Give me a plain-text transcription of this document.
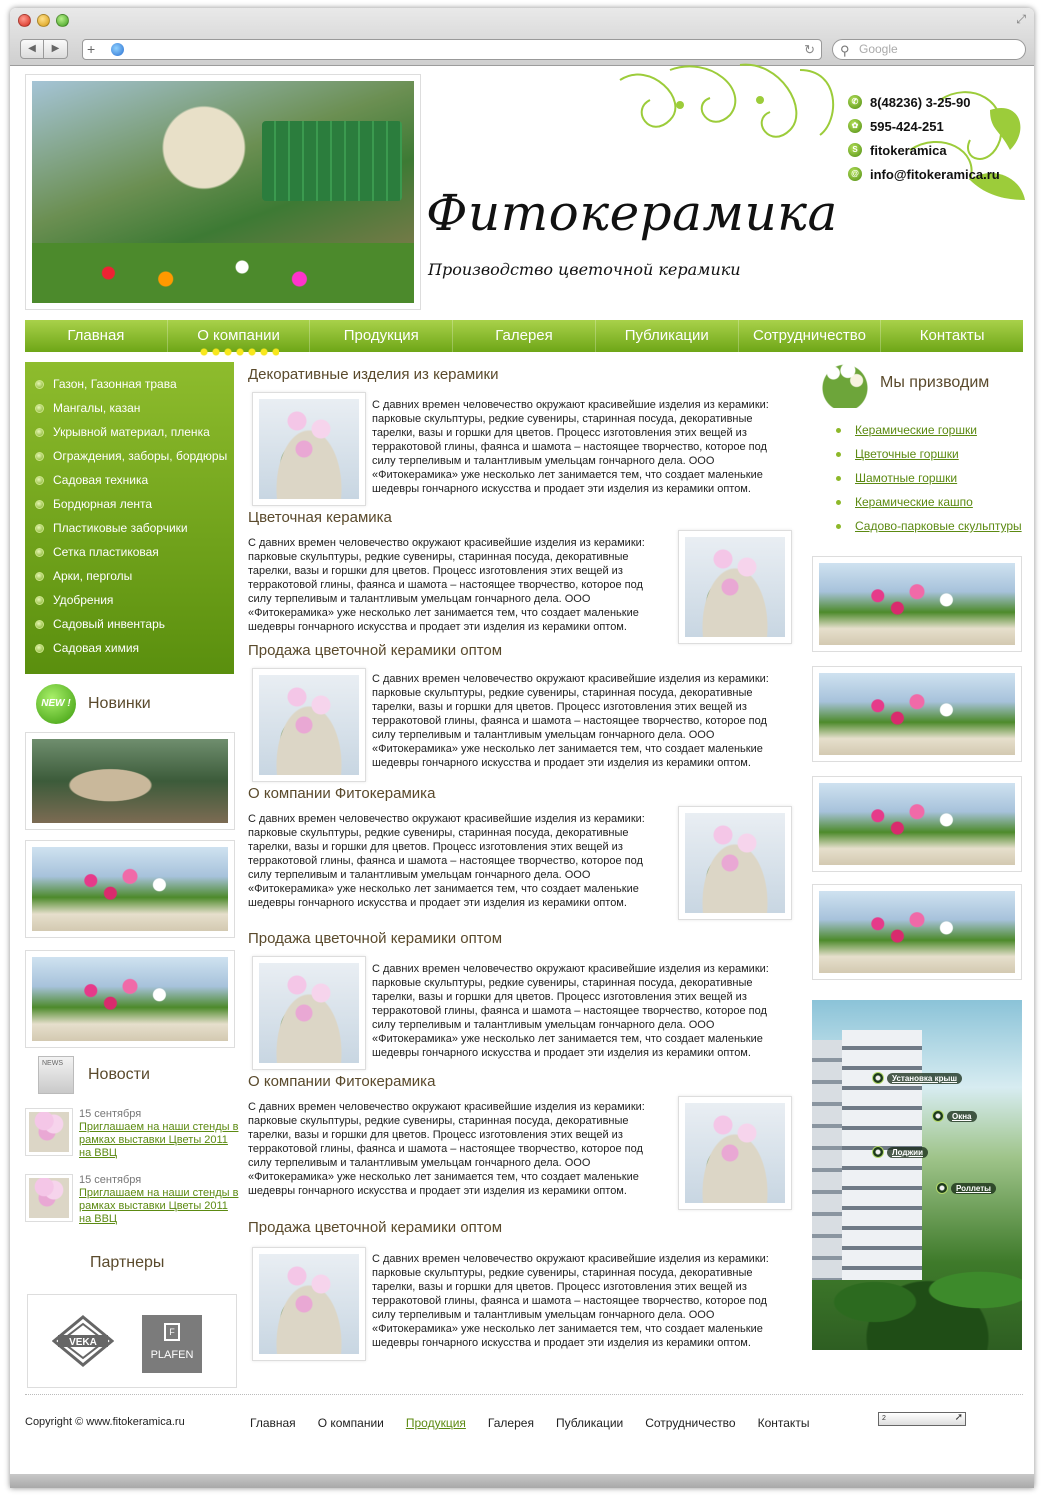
⤢
◀	▶	+	↻ ⚲ Google
Фитокерамика
Производство цветочной керамики
✆ 8(48236) 3-25-90
✿ 595-424-251
S fitokeramica
@ info@fitokeramica.ru
Главная	О компании	Продукция	Галерея	Публикации	Сотрудничество	Контакты
Газон, Газонная трава
Мангалы, казан
Укрывной материал, пленка
Ограждения, заборы, бордюры
Садовая техника
Бордюрная лента
Пластиковые заборчики
Сетка пластиковая
Арки, перголы
Удобрения
Садовый инвентарь
Садовая химия
NEW !	Новинки
NEWS
Новости
15 сентября
Приглашаем на наши стенды в рамках выставки Цветы 2011 на ВВЦ
15 сентября
Приглашаем на наши стенды в рамках выставки Цветы 2011 на ВВЦ
Партнеры
VEKA
F
PLAFEN
Декоративные изделия из керамики
С давних времен человечество окружают красивейшие изделия из керамики: парковые скульптуры, редкие сувениры, старинная посуда, декоративные тарелки, вазы и горшки для цветов. Процесс изготовления этих вещей из терракотовой глины, фаянса и шамота – настоящее творчество, которое под силу терпеливым и талантливым умельцам гончарного дела. ООО «Фитокерамика» уже несколько лет занимается тем, что создает маленькие шедевры гончарного искусства и продает эти изделия из керамики оптом.
Цветочная керамика
С давних времен человечество окружают красивейшие изделия из керамики: парковые скульптуры, редкие сувениры, старинная посуда, декоративные тарелки, вазы и горшки для цветов. Процесс изготовления этих вещей из терракотовой глины, фаянса и шамота – настоящее творчество, которое под силу терпеливым и талантливым умельцам гончарного дела. ООО «Фитокерамика» уже несколько лет занимается тем, что создает маленькие шедевры гончарного искусства и продает эти изделия из керамики оптом.
Продажа цветочной керамики оптом
С давних времен человечество окружают красивейшие изделия из керамики: парковые скульптуры, редкие сувениры, старинная посуда, декоративные тарелки, вазы и горшки для цветов. Процесс изготовления этих вещей из терракотовой глины, фаянса и шамота – настоящее творчество, которое под силу терпеливым и талантливым умельцам гончарного дела. ООО «Фитокерамика» уже несколько лет занимается тем, что создает маленькие шедевры гончарного искусства и продает эти изделия из керамики оптом.
О компании Фитокерамика
С давних времен человечество окружают красивейшие изделия из керамики: парковые скульптуры, редкие сувениры, старинная посуда, декоративные тарелки, вазы и горшки для цветов. Процесс изготовления этих вещей из терракотовой глины, фаянса и шамота – настоящее творчество, которое под силу терпеливым и талантливым умельцам гончарного дела. ООО «Фитокерамика» уже несколько лет занимается тем, что создает маленькие шедевры гончарного искусства и продает эти изделия из керамики оптом.
Продажа цветочной керамики оптом
С давних времен человечество окружают красивейшие изделия из керамики: парковые скульптуры, редкие сувениры, старинная посуда, декоративные тарелки, вазы и горшки для цветов. Процесс изготовления этих вещей из терракотовой глины, фаянса и шамота – настоящее творчество, которое под силу терпеливым и талантливым умельцам гончарного дела. ООО «Фитокерамика» уже несколько лет занимается тем, что создает маленькие шедевры гончарного искусства и продает эти изделия из керамики оптом.
О компании Фитокерамика
С давних времен человечество окружают красивейшие изделия из керамики: парковые скульптуры, редкие сувениры, старинная посуда, декоративные тарелки, вазы и горшки для цветов. Процесс изготовления этих вещей из терракотовой глины, фаянса и шамота – настоящее творчество, которое под силу терпеливым и талантливым умельцам гончарного дела. ООО «Фитокерамика» уже несколько лет занимается тем, что создает маленькие шедевры гончарного искусства и продает эти изделия из керамики оптом.
Продажа цветочной керамики оптом
С давних времен человечество окружают красивейшие изделия из керамики: парковые скульптуры, редкие сувениры, старинная посуда, декоративные тарелки, вазы и горшки для цветов. Процесс изготовления этих вещей из терракотовой глины, фаянса и шамота – настоящее творчество, которое под силу терпеливым и талантливым умельцам гончарного дела. ООО «Фитокерамика» уже несколько лет занимается тем, что создает маленькие шедевры гончарного искусства и продает эти изделия из керамики оптом.
Мы призводим
Керамические горшки
Цветочные горшки
Шамотные горшки
Керамические кашпо
Садово-парковые скульптуры
Установка крыш
Окна
Лоджии
Роллеты
Copyright © www.fitokeramica.ru	Главная О компании Продукция Галерея Публикации Сотрудничество Контакты	2	➚
